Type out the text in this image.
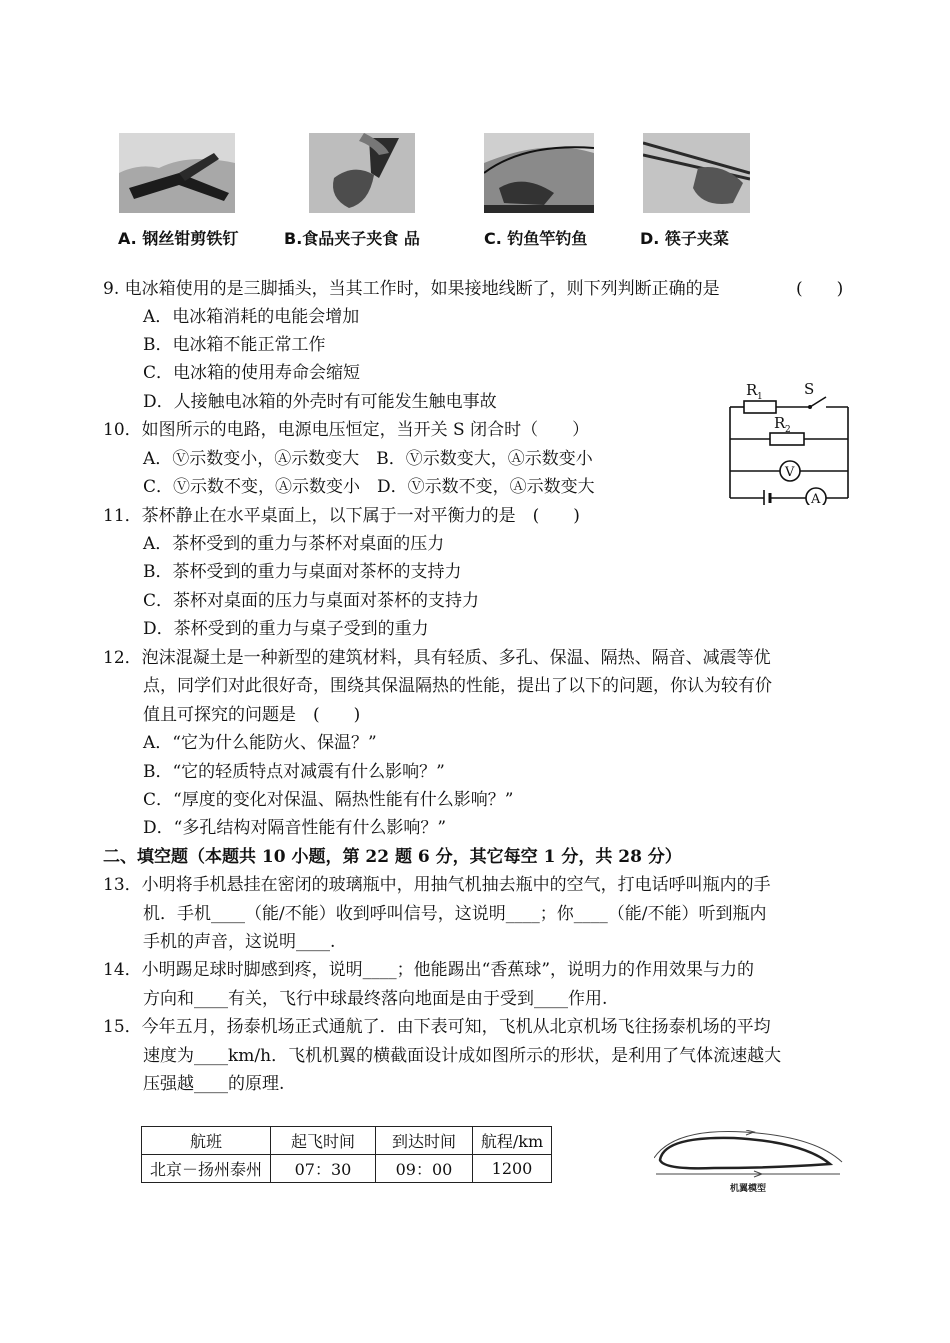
A. 钢丝钳剪铁钉	B.食品夹子夹食 品	C. 钓鱼竿钓鱼	D. 筷子夹菜
9. 电冰箱使用的是三脚插头，当其工作时，如果接地线断了，则下列判断正确的是	(　　)
A．电冰箱消耗的电能会增加
B．电冰箱不能正常工作
C．电冰箱的使用寿命会缩短
D．人接触电冰箱的外壳时有可能发生触电事故
R 1	S
R 2
V
A
10．如图所示的电路，电源电压恒定，当开关 S 闭合时（　　）
A．Ⓥ示数变小，Ⓐ示数变大　B．Ⓥ示数变大，Ⓐ示数变小
C．Ⓥ示数不变，Ⓐ示数变小　D．Ⓥ示数不变，Ⓐ示数变大
11．茶杯静止在水平桌面上，以下属于一对平衡力的是　(　　)
A．茶杯受到的重力与茶杯对桌面的压力
B．茶杯受到的重力与桌面对茶杯的支持力
C．茶杯对桌面的压力与桌面对茶杯的支持力
D．茶杯受到的重力与桌子受到的重力
12．泡沫混凝土是一种新型的建筑材料，具有轻质、多孔、保温、隔热、隔音、减震等优
点，同学们对此很好奇，围绕其保温隔热的性能，提出了以下的问题，你认为较有价
值且可探究的问题是　(　　)
A．“它为什么能防火、保温？”
B．“它的轻质特点对减震有什么影响？”
C．“厚度的变化对保温、隔热性能有什么影响？”
D．“多孔结构对隔音性能有什么影响？”
二、填空题（本题共 10 小题，第 22 题 6 分，其它每空 1 分，共 28 分）
13．小明将手机悬挂在密闭的玻璃瓶中，用抽气机抽去瓶中的空气，打电话呼叫瓶内的手
机．手机____（能/不能）收到呼叫信号，这说明____；你____（能/不能）听到瓶内
手机的声音，这说明____.
14．小明踢足球时脚感到疼，说明____；他能踢出“香蕉球”，说明力的作用效果与力的
方向和____有关，飞行中球最终落向地面是由于受到____作用.
15．今年五月，扬泰机场正式通航了．由下表可知，飞机从北京机场飞往扬泰机场的平均
速度为____km/h．飞机机翼的横截面设计成如图所示的形状，是利用了气体流速越大
压强越____的原理.
航班	起飞时间	到达时间	航程/km
北京－扬州泰州	07：30	09：00	1200
机翼模型
